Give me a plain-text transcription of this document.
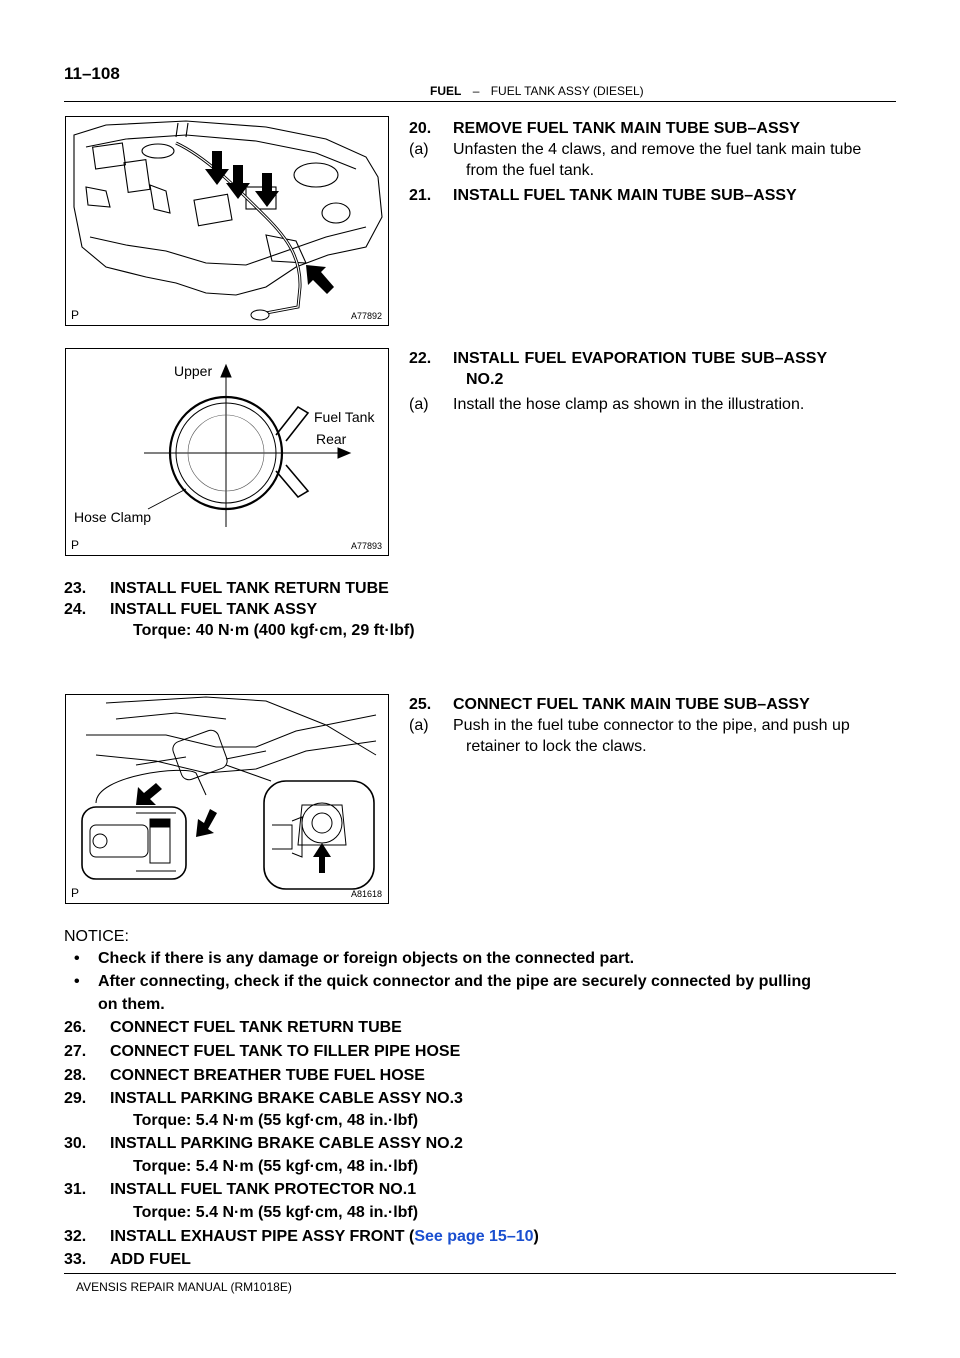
11–108
FUEL – FUEL TANK ASSY (DIESEL)
P	A77892
Upper
Fuel Tank
Rear
Hose Clamp
P	A77893
P	A81618
20. REMOVE FUEL TANK MAIN TUBE SUB–ASSY
(a) Unfasten the 4 claws, and remove the fuel tank main tube
from the fuel tank.
21. INSTALL FUEL TANK MAIN TUBE SUB–ASSY
22. INSTALL FUEL EVAPORATION TUBE SUB–ASSY
NO.2
(a) Install the hose clamp as shown in the illustration.
23. INSTALL FUEL TANK RETURN TUBE
24. INSTALL FUEL TANK ASSY
Torque: 40 N·m (400 kgf·cm, 29 ft·lbf)
25. CONNECT FUEL TANK MAIN TUBE SUB–ASSY
(a) Push in the fuel tube connector to the pipe, and push up
retainer to lock the claws.
NOTICE:
• Check if there is any damage or foreign objects on the connected part.
• After connecting, check if the quick connector and the pipe are securely connected by pulling
on them.
26. CONNECT FUEL TANK RETURN TUBE
27. CONNECT FUEL TANK TO FILLER PIPE HOSE
28. CONNECT BREATHER TUBE FUEL HOSE
29. INSTALL PARKING BRAKE CABLE ASSY NO.3
Torque: 5.4 N·m (55 kgf·cm, 48 in.·lbf)
30. INSTALL PARKING BRAKE CABLE ASSY NO.2
Torque: 5.4 N·m (55 kgf·cm, 48 in.·lbf)
31. INSTALL FUEL TANK PROTECTOR NO.1
Torque: 5.4 N·m (55 kgf·cm, 48 in.·lbf)
32. INSTALL EXHAUST PIPE ASSY FRONT (See page 15–10)
33. ADD FUEL
AVENSIS REPAIR MANUAL (RM1018E)
